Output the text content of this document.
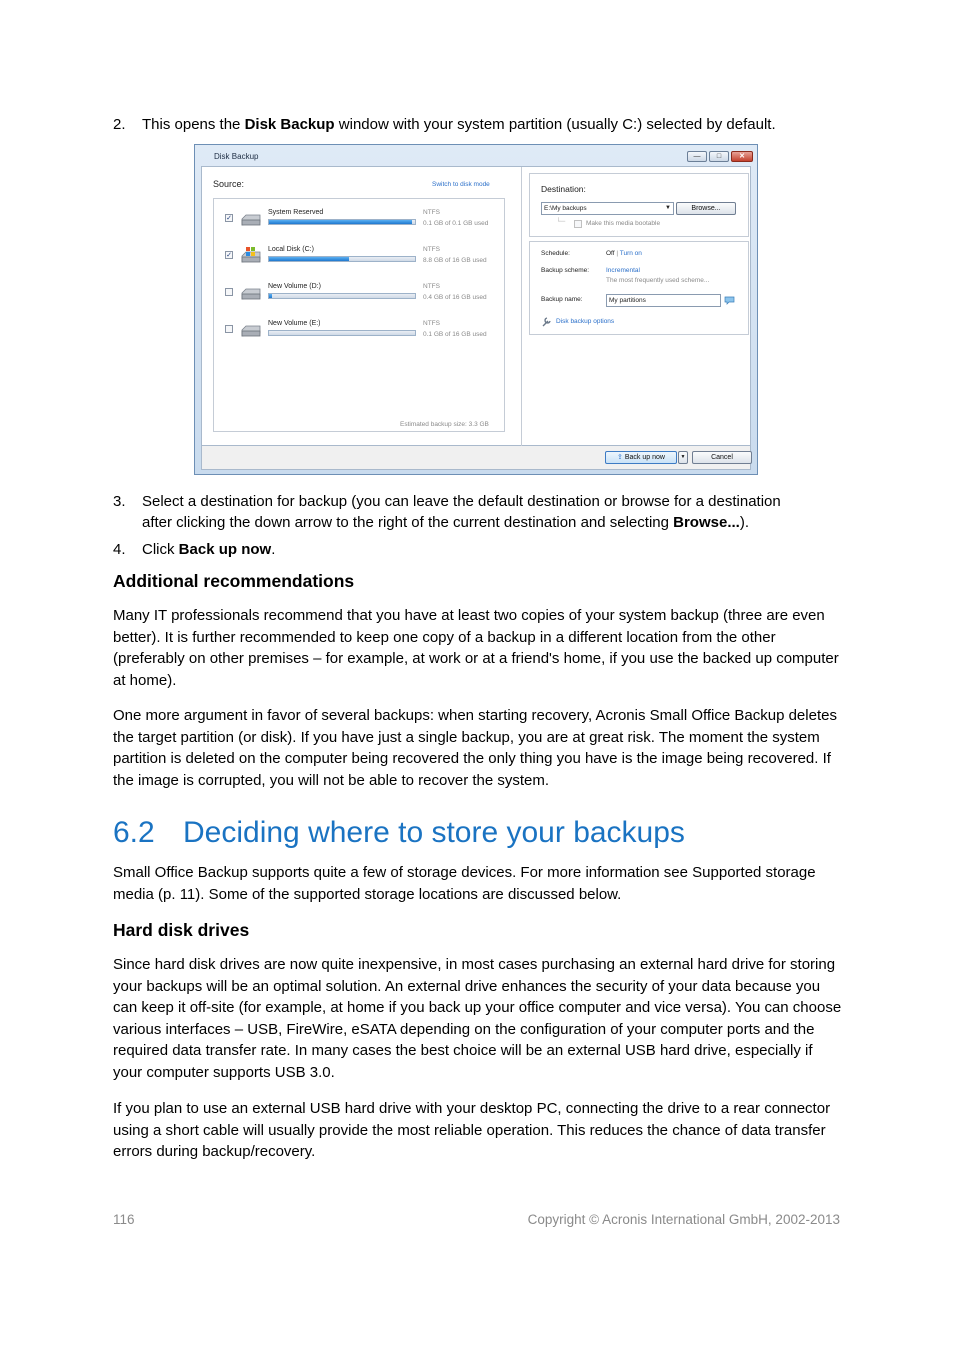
2. This opens the Disk Backup window with your system partition (usually C:) selected by default.
Disk Backup	—	□	✕
Source:	Switch to disk mode
✓
System Reserved	NTFS
0.1 GB of 0.1 GB used
✓
Local Disk (C:)	NTFS
8.8 GB of 16 GB used
New Volume (D:)	NTFS
0.4 GB of 16 GB used
New Volume (E:)	NTFS
0.1 GB of 16 GB used
Estimated backup size: 3.3 GB
Destination:
E:\My backups	▼	Browse...
└─	Make this media bootable
Schedule:	Off | Turn on
Backup scheme:	Incremental
The most frequently used scheme...
Backup name:	My partitions
Disk backup options
⇪ Back up now	▼	Cancel
3. Select a destination for backup (you can leave the default destination or browse for a destination
after clicking the down arrow to the right of the current destination and selecting Browse...).
4. Click Back up now.
Additional recommendations

Many IT professionals recommend that you have at least two copies of your system backup (three are even better). It is further recommended to keep one copy of a backup in a different location from the other (preferably on other premises – for example, at work or at a friend's home, if you use the backed up computer at home).

One more argument in favor of several backups: when starting recovery, Acronis Small Office Backup deletes the target partition (or disk). If you have just a single backup, you are at great risk. The moment the system partition is deleted on the computer being recovered the only thing you have is the image being recovered. If the image is corrupted, you will not be able to recover the system.

6.2 Deciding where to store your backups

Small Office Backup supports quite a few of storage devices. For more information see Supported storage media (p. 11). Some of the supported storage locations are discussed below.

Hard disk drives

Since hard disk drives are now quite inexpensive, in most cases purchasing an external hard drive for storing your backups will be an optimal solution. An external drive enhances the security of your data because you can keep it off-site (for example, at home if you back up your office computer and vice versa). You can choose various interfaces – USB, FireWire, eSATA depending on the configuration of your computer ports and the required data transfer rate. In many cases the best choice will be an external USB hard drive, especially if your computer supports USB 3.0.

If you plan to use an external USB hard drive with your desktop PC, connecting the drive to a rear connector using a short cable will usually provide the most reliable operation. This reduces the chance of data transfer errors during backup/recovery.

116	Copyright © Acronis International GmbH, 2002-2013
